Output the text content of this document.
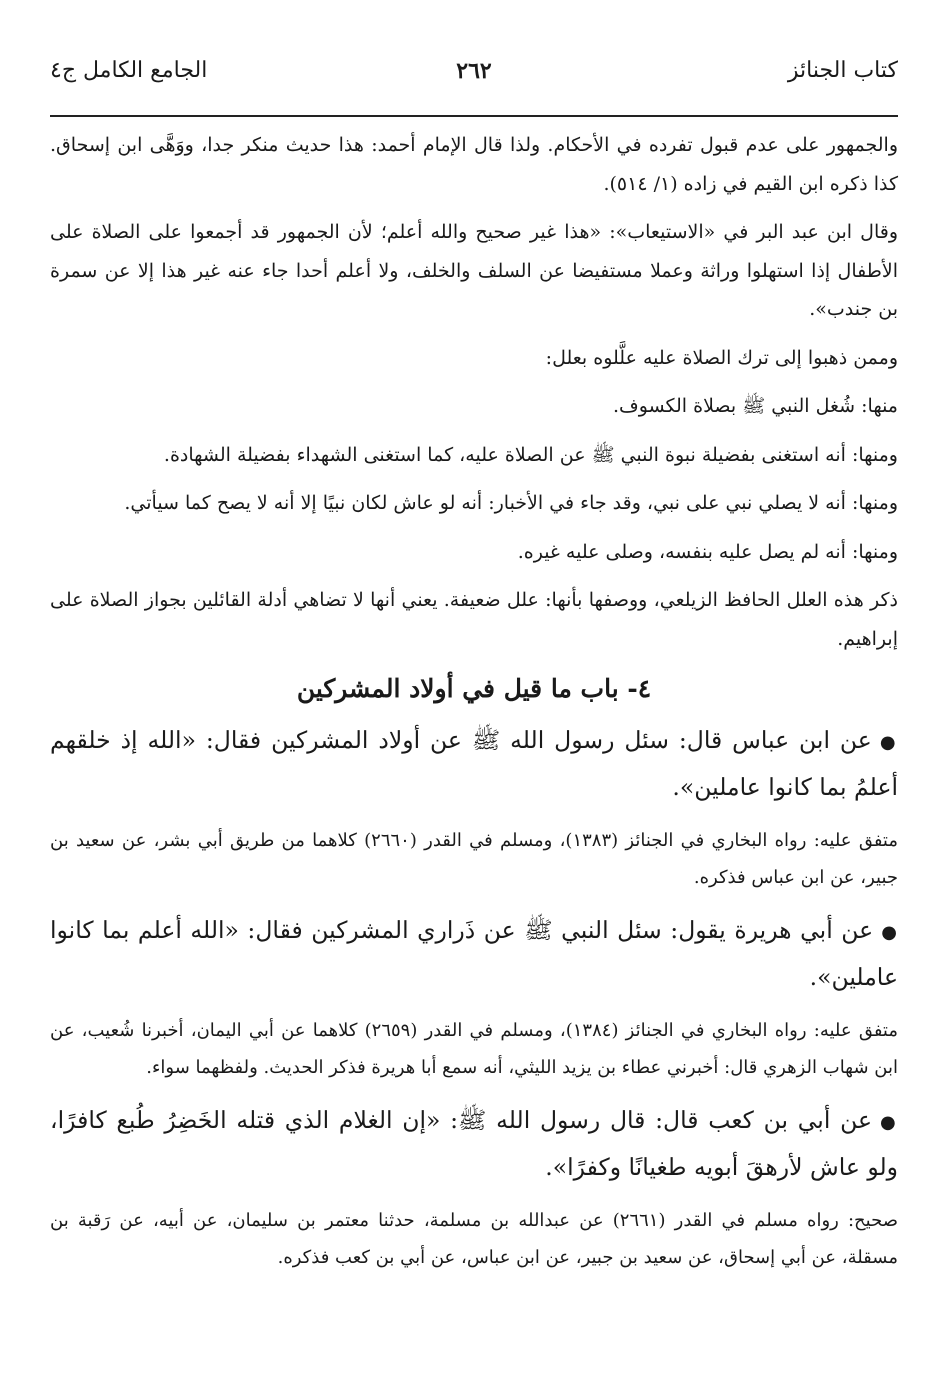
كتاب الجنائز
٢٦٢
الجامع الكامل ج٤

والجمهور على عدم قبول تفرده في الأحكام. ولذا قال الإمام أحمد: هذا حديث منكر جدا، ووَهَّى ابن إسحاق. كذا ذكره ابن القيم في زاده (١/ ٥١٤).

وقال ابن عبد البر في «الاستيعاب»: «هذا غير صحيح والله أعلم؛ لأن الجمهور قد أجمعوا على الصلاة على الأطفال إذا استهلوا وراثة وعملا مستفيضا عن السلف والخلف، ولا أعلم أحدا جاء عنه غير هذا إلا عن سمرة بن جندب».

وممن ذهبوا إلى ترك الصلاة عليه علَّلوه بعلل:

منها: شُغل النبي ﷺ بصلاة الكسوف.

ومنها: أنه استغنى بفضيلة نبوة النبي ﷺ عن الصلاة عليه، كما استغنى الشهداء بفضيلة الشهادة.

ومنها: أنه لا يصلي نبي على نبي، وقد جاء في الأخبار: أنه لو عاش لكان نبيًا إلا أنه لا يصح كما سيأتي.

ومنها: أنه لم يصل عليه بنفسه، وصلى عليه غيره.

ذكر هذه العلل الحافظ الزيلعي، ووصفها بأنها: علل ضعيفة. يعني أنها لا تضاهي أدلة القائلين بجواز الصلاة على إبراهيم.

٤- باب ما قيل في أولاد المشركين

●عن ابن عباس قال: سئل رسول الله ﷺ عن أولاد المشركين فقال: «الله إذ خلقهم أعلمُ بما كانوا عاملين».

متفق عليه: رواه البخاري في الجنائز (١٣٨٣)، ومسلم في القدر (٢٦٦٠) كلاهما من طريق أبي بشر، عن سعيد بن جبير، عن ابن عباس فذكره.

●عن أبي هريرة يقول: سئل النبي ﷺ عن ذَراري المشركين فقال: «الله أعلم بما كانوا عاملين».

متفق عليه: رواه البخاري في الجنائز (١٣٨٤)، ومسلم في القدر (٢٦٥٩) كلاهما عن أبي اليمان، أخبرنا شُعيب، عن ابن شهاب الزهري قال: أخبرني عطاء بن يزيد الليثي، أنه سمع أبا هريرة فذكر الحديث. ولفظهما سواء.

●عن أبي بن كعب قال: قال رسول الله ﷺ: «إن الغلام الذي قتله الخَضِرُ طُبع كافرًا، ولو عاش لأرهقَ أبويه طغيانًا وكفرًا».

صحيح: رواه مسلم في القدر (٢٦٦١) عن عبدالله بن مسلمة، حدثنا معتمر بن سليمان، عن أبيه، عن رَقبة بن مسقلة، عن أبي إسحاق، عن سعيد بن جبير، عن ابن عباس، عن أبي بن كعب فذكره.
